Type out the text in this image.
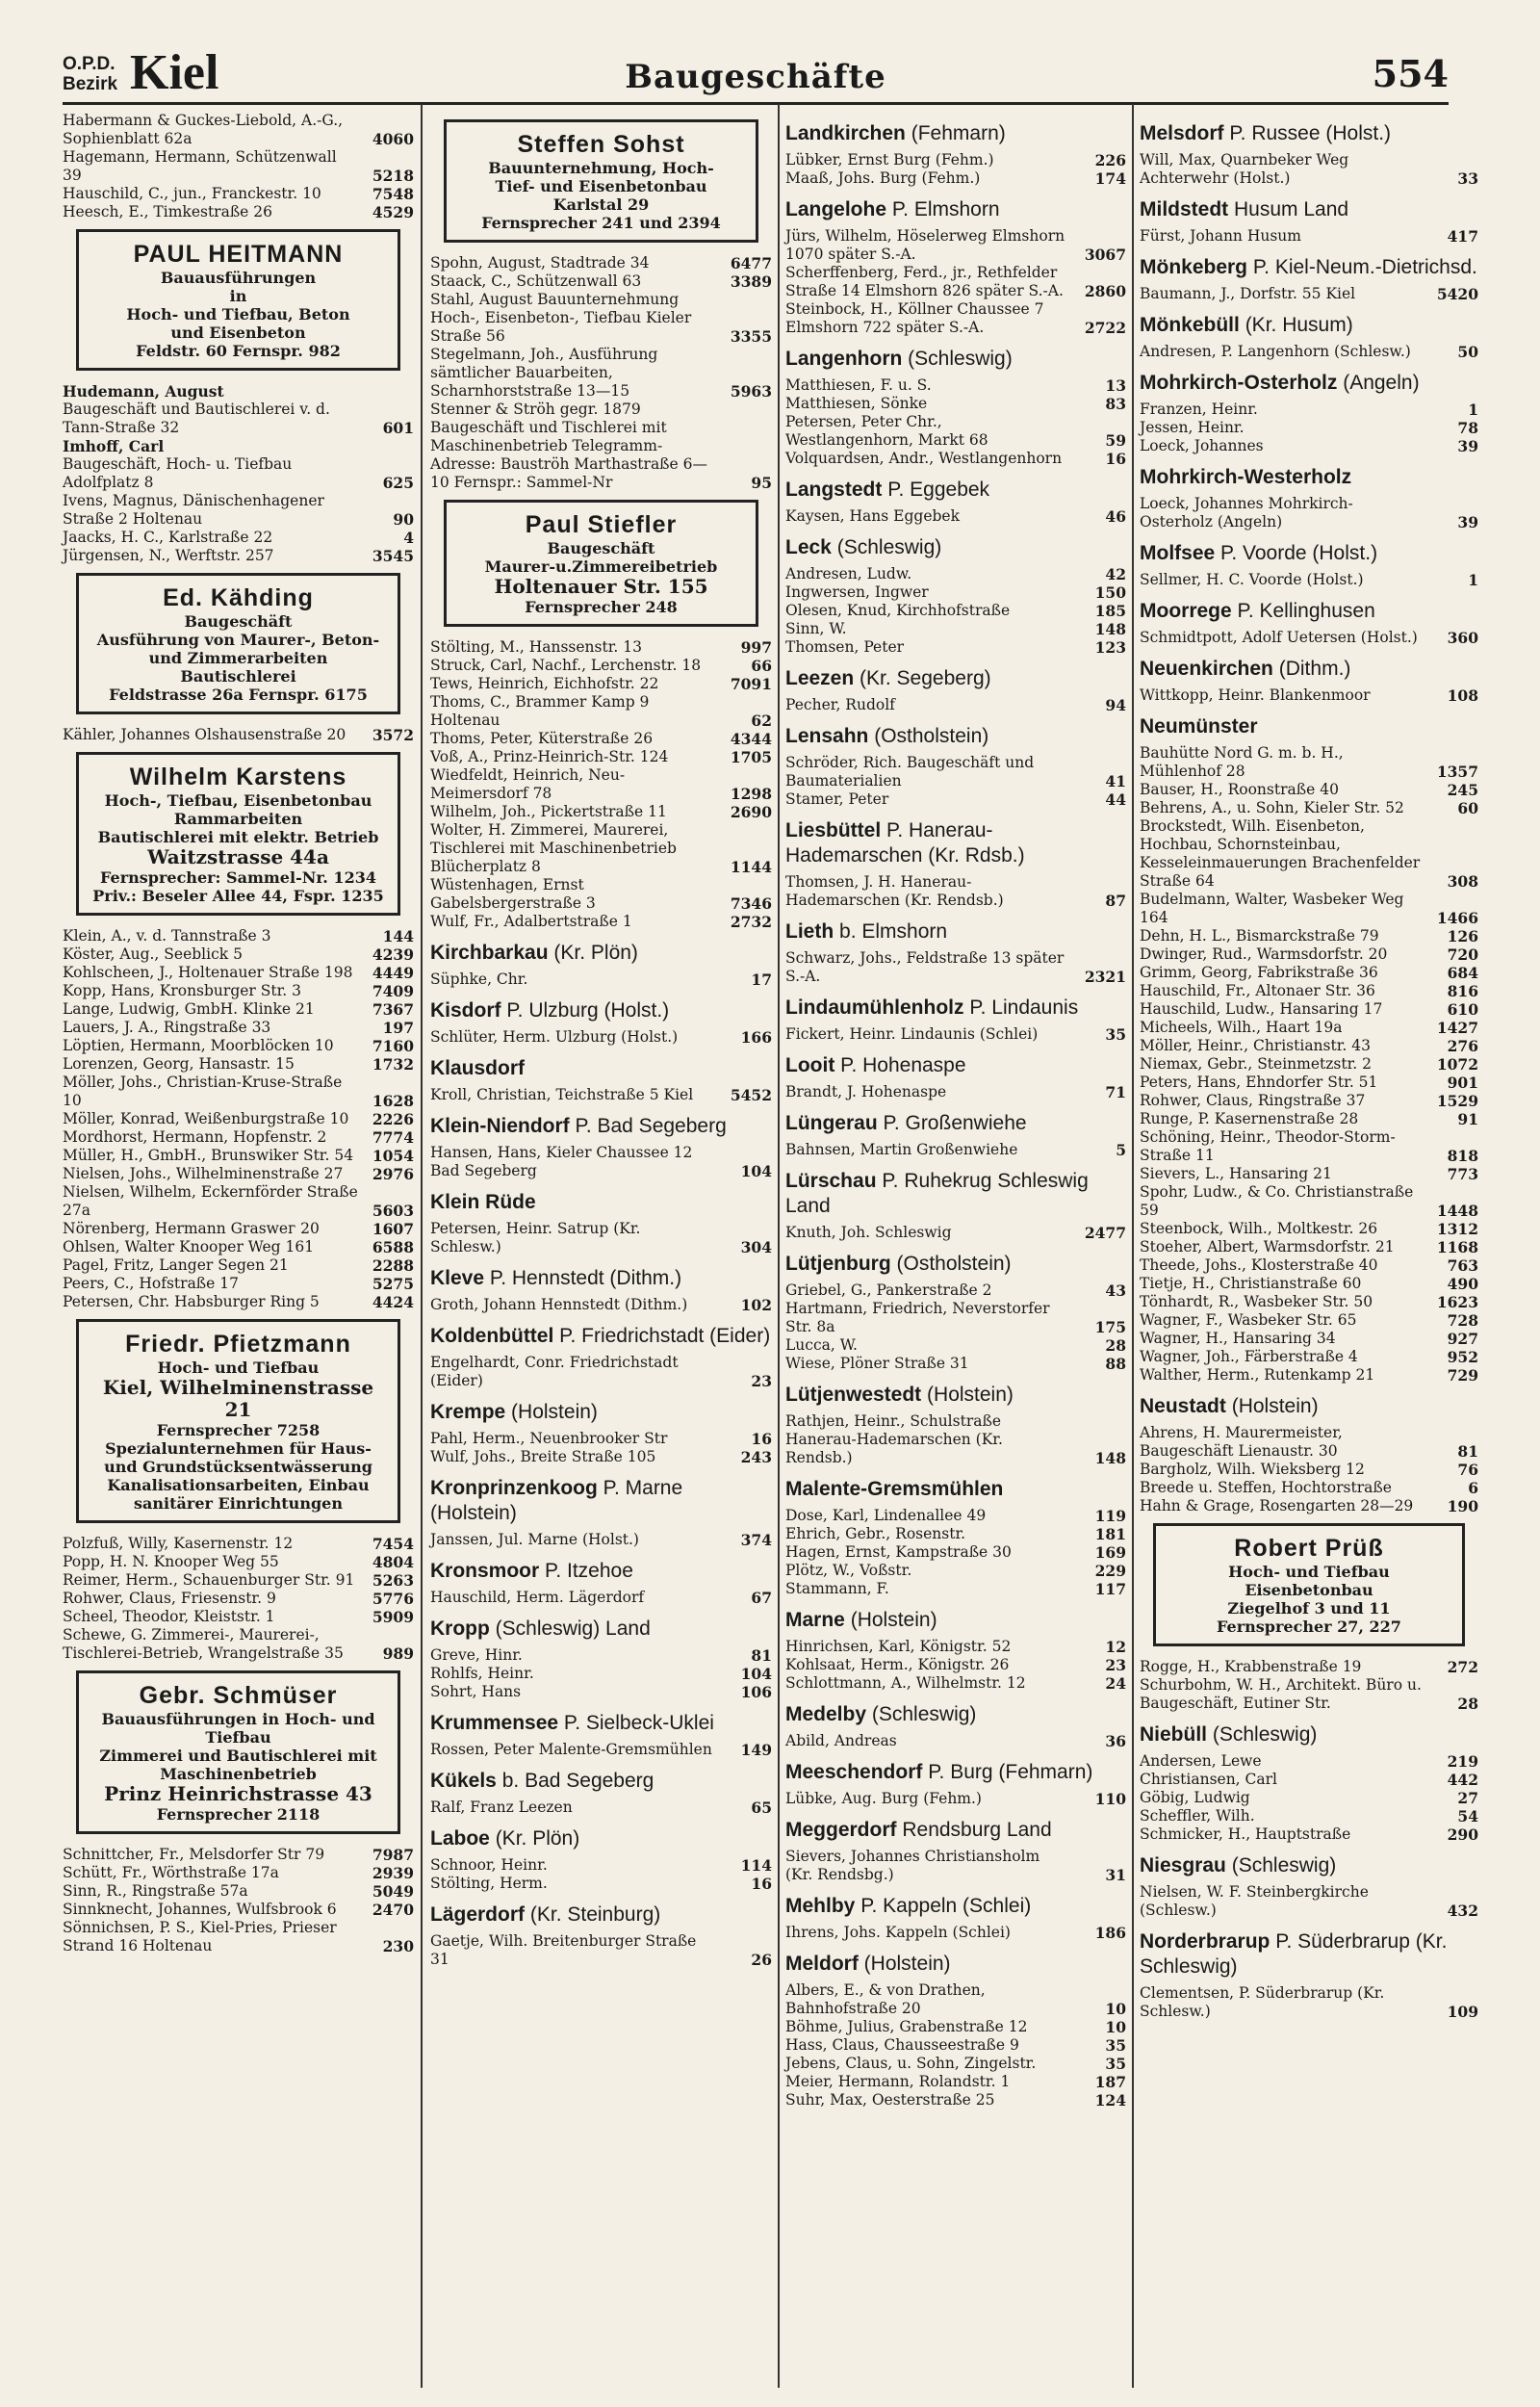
O.P.D.
Bezirk Kiel	Baugeschäfte	554
Habermann & Guckes-Liebold, A.-G., Sophienblatt 62a	4060
Hagemann, Hermann, Schützenwall 39	5218
Hauschild, C., jun., Franckestr. 10	7548
Heesch, E., Timkestraße 26	4529
PAUL HEITMANN
Bauausführungen
in
Hoch- und Tiefbau, Beton
und Eisenbeton
Feldstr. 60 Fernspr. 982
Hudemann, August
Baugeschäft und Bautischlerei v. d. Tann-Straße 32	601
Imhoff, Carl
Baugeschäft, Hoch- u. Tiefbau Adolfplatz 8	625
Ivens, Magnus, Dänischenhagener Straße 2 Holtenau	90
Jaacks, H. C., Karlstraße 22	4
Jürgensen, N., Werftstr. 257	3545
Ed. Kähding
Baugeschäft
Ausführung von Maurer-, Beton- und Zimmerarbeiten
Bautischlerei
Feldstrasse 26a Fernspr. 6175
Kähler, Johannes Olshausenstraße 20 3572
Wilhelm Karstens
Hoch-, Tiefbau, Eisenbetonbau
Rammarbeiten
Bautischlerei mit elektr. Betrieb
Waitzstrasse 44a
Fernsprecher: Sammel-Nr. 1234
Priv.: Beseler Allee 44, Fspr. 1235
Klein, A., v. d. Tannstraße 3	144
Köster, Aug., Seeblick 5	4239
Kohlscheen, J., Holtenauer Straße 198 4449
Kopp, Hans, Kronsburger Str. 3	7409
Lange, Ludwig, GmbH. Klinke 21	7367
Lauers, J. A., Ringstraße 33	197
Löptien, Hermann, Moorblöcken 10	7160
Lorenzen, Georg, Hansastr. 15	1732
Möller, Johs., Christian-Kruse-Straße 10	1628
Möller, Konrad, Weißenburgstraße 10 2226
Mordhorst, Hermann, Hopfenstr. 2	7774
Müller, H., GmbH., Brunswiker Str. 54 1054
Nielsen, Johs., Wilhelminenstraße 27 2976
Nielsen, Wilhelm, Eckernförder Straße 27a	5603
Nörenberg, Hermann Graswег 20	1607
Ohlsen, Walter Knooper Weg 161	6588
Pagel, Fritz, Langer Segen 21	2288
Peers, C., Hofstraße 17	5275
Petersen, Chr. Habsburger Ring 5	4424
Friedr. Pfietzmann
Hoch- und Tiefbau
Kiel, Wilhelminenstrasse 21
Fernsprecher 7258
Spezialunternehmen für Haus- und Grundstücksentwässerung
Kanalisationsarbeiten, Einbau sanitärer Einrichtungen
Polzfuß, Willy, Kasernenstr. 12	7454
Popp, H. N. Knooper Weg 55	4804
Reimer, Herm., Schauenburger Str. 91 5263
Rohwer, Claus, Friesenstr. 9	5776
Scheel, Theodor, Kleiststr. 1	5909
Schewe, G. Zimmerei-, Maurerei-, Tischlerei-Betrieb, Wrangelstraße 35	989
Gebr. Schmüser
Bauausführungen in Hoch- und Tiefbau
Zimmerei und Bautischlerei mit Maschinenbetrieb
Prinz Heinrichstrasse 43
Fernsprecher 2118
Schnittcher, Fr., Melsdorfer Str 79	7987
Schütt, Fr., Wörthstraße 17a	2939
Sinn, R., Ringstraße 57a	5049
Sinnknecht, Johannes, Wulfsbrook 6 2470
Sönnichsen, P. S., Kiel-Pries, Prieser Strand 16 Holtenau	230
Steffen Sohst
Bauunternehmung, Hoch-
Tief- und Eisenbetonbau
Karlstal 29
Fernsprecher 241 und 2394
Spohn, August, Stadtrade 34	6477
Staack, C., Schützenwall 63	3389
Stahl, August Bauunternehmung Hoch-, Eisenbeton-, Tiefbau Kieler Straße 56	3355
Stegelmann, Joh., Ausführung sämtlicher Bauarbeiten, Scharnhorststraße 13—15	5963
Stenner & Ströh gegr. 1879 Baugeschäft und Tischlerei mit Maschinenbetrieb Telegramm-Adresse: Bauströh Marthastraße 6—10 Fernspr.: Sammel-Nr	95
Paul Stiefler
Baugeschäft
Maurer-u.Zimmereibetrieb
Holtenauer Str. 155
Fernsprecher 248
Stölting, M., Hanssenstr. 13	997
Struck, Carl, Nachf., Lerchenstr. 18	66
Tews, Heinrich, Eichhofstr. 22	7091
Thoms, C., Brammer Kamp 9 Holtenau	62
Thoms, Peter, Küterstraße 26	4344
Voß, A., Prinz-Heinrich-Str. 124	1705
Wiedfeldt, Heinrich, Neu-Meimersdorf 78	1298
Wilhelm, Joh., Pickertstraße 11	2690
Wolter, H. Zimmerei, Maurerei, Tischlerei mit Maschinenbetrieb Blücherplatz 8	1144
Wüstenhagen, Ernst Gabelsbergerstraße 3	7346
Wulf, Fr., Adalbertstraße 1	2732
Kirchbarkau (Kr. Plön)
Süphke, Chr.	17
Kisdorf P. Ulzburg (Holst.)
Schlüter, Herm. Ulzburg (Holst.)	166
Klausdorf
Kroll, Christian, Teichstraße 5 Kiel 5452
Klein-Niendorf P. Bad Segeberg
Hansen, Hans, Kieler Chaussee 12 Bad Segeberg	104
Klein Rüde
Petersen, Heinr. Satrup (Kr. Schlesw.)	304
Kleve P. Hennstedt (Dithm.)
Groth, Johann Hennstedt (Dithm.)	102
Koldenbüttel P. Friedrichstadt (Eider)
Engelhardt, Conr. Friedrichstadt (Eider)	23
Krempe (Holstein)
Pahl, Herm., Neuenbrooker Str	16
Wulf, Johs., Breite Straße 105	243
Kronprinzenkoog P. Marne (Holstein)
Janssen, Jul. Marne (Holst.)	374
Kronsmoor P. Itzehoe
Hauschild, Herm. Lägerdorf	67
Kropp (Schleswig) Land
Greve, Hinr.	81
Rohlfs, Heinr.	104
Sohrt, Hans	106
Krummensee P. Sielbeck-Uklei
Rossen, Peter Malente-Gremsmühlen 149
Kükels b. Bad Segeberg
Ralf, Franz Leezen	65
Laboe (Kr. Plön)
Schnoor, Heinr.	114
Stölting, Herm.	16
Lägerdorf (Kr. Steinburg)
Gaetje, Wilh. Breitenburger Straße 31	26
Landkirchen (Fehmarn)
Lübker, Ernst Burg (Fehm.)	226
Maaß, Johs. Burg (Fehm.)	174
Langelohe P. Elmshorn
Jürs, Wilhelm, Höselerweg Elmshorn 1070 später S.-A.	3067
Scherffenberg, Ferd., jr., Rethfelder Straße 14 Elmshorn 826 später S.-A. 2860
Steinbock, H., Köllner Chaussee 7 Elmshorn 722 später S.-A.	2722
Langenhorn (Schleswig)
Matthiesen, F. u. S.	13
Matthiesen, Sönke	83
Petersen, Peter Chr., Westlangenhorn, Markt 68	59
Volquardsen, Andr., Westlangenhorn	16
Langstedt P. Eggebek
Kaysen, Hans Eggebek	46
Leck (Schleswig)
Andresen, Ludw.	42
Ingwersen, Ingwer	150
Olesen, Knud, Kirchhofstraße	185
Sinn, W.	148
Thomsen, Peter	123
Leezen (Kr. Segeberg)
Pecher, Rudolf	94
Lensahn (Ostholstein)
Schröder, Rich. Baugeschäft und Baumaterialien	41
Stamer, Peter	44
Liesbüttel P. Hanerau-Hademarschen (Kr. Rdsb.)
Thomsen, J. H. Hanerau-Hademarschen (Kr. Rendsb.)	87
Lieth b. Elmshorn
Schwarz, Johs., Feldstraße 13 später S.-A.	2321
Lindaumühlenholz P. Lindaunis
Fickert, Heinr. Lindaunis (Schlei)	35
Looit P. Hohenaspe
Brandt, J. Hohenaspe	71
Lüngerau P. Großenwiehe
Bahnsen, Martin Großenwiehe	5
Lürschau P. Ruhekrug Schleswig Land
Knuth, Joh. Schleswig	2477
Lütjenburg (Ostholstein)
Griebel, G., Pankerstraße 2	43
Hartmann, Friedrich, Neverstorfer Str. 8a	175
Lucca, W.	28
Wiese, Plöner Straße 31	88
Lütjenwestedt (Holstein)
Rathjen, Heinr., Schulstraße Hanerau-Hademarschen (Kr. Rendsb.)	148
Malente-Gremsmühlen
Dose, Karl, Lindenallee 49	119
Ehrich, Gebr., Rosenstr.	181
Hagen, Ernst, Kampstraße 30	169
Plötz, W., Voßstr.	229
Stammann, F.	117
Marne (Holstein)
Hinrichsen, Karl, Königstr. 52	12
Kohlsaat, Herm., Königstr. 26	23
Schlottmann, A., Wilhelmstr. 12	24
Medelby (Schleswig)
Abild, Andreas	36
Meeschendorf P. Burg (Fehmarn)
Lübke, Aug. Burg (Fehm.)	110
Meggerdorf Rendsburg Land
Sievers, Johannes Christiansholm (Kr. Rendsbg.)	31
Mehlby P. Kappeln (Schlei)
Ihrens, Johs. Kappeln (Schlei)	186
Meldorf (Holstein)
Albers, E., & von Drathen, Bahnhofstraße 20	10
Böhme, Julius, Grabenstraße 12	10
Hass, Claus, Chausseestraße 9	35
Jebens, Claus, u. Sohn, Zingelstr.	35
Meier, Hermann, Rolandstr. 1	187
Suhr, Max, Oesterstraße 25	124
Melsdorf P. Russee (Holst.)
Will, Max, Quarnbeker Weg Achterwehr (Holst.)	33
Mildstedt Husum Land
Fürst, Johann Husum	417
Mönkeberg P. Kiel-Neum.-Dietrichsd.
Baumann, J., Dorfstr. 55 Kiel	5420
Mönkebüll (Kr. Husum)
Andresen, P. Langenhorn (Schlesw.)	50
Mohrkirch-Osterholz (Angeln)
Franzen, Heinr.	1
Jessen, Heinr.	78
Loeck, Johannes	39
Mohrkirch-Westerholz
Loeck, Johannes Mohrkirch-Osterholz (Angeln)	39
Molfsee P. Voorde (Holst.)
Sellmer, H. C. Voorde (Holst.)	1
Moorrege P. Kellinghusen
Schmidtpott, Adolf Uetersen (Holst.) 360
Neuenkirchen (Dithm.)
Wittkopp, Heinr. Blankenmoor	108
Neumünster
Bauhütte Nord G. m. b. H., Mühlenhof 28	1357
Bauser, H., Roonstraße 40	245
Behrens, A., u. Sohn, Kieler Str. 52	60
Brockstedt, Wilh. Eisenbeton, Hochbau, Schornsteinbau, Kesseleinmauerungen Brachenfelder Straße 64	308
Budelmann, Walter, Wasbeker Weg 164	1466
Dehn, H. L., Bismarckstraße 79	126
Dwinger, Rud., Warmsdorfstr. 20	720
Grimm, Georg, Fabrikstraße 36	684
Hauschild, Fr., Altonaer Str. 36	816
Hauschild, Ludw., Hansaring 17	610
Micheels, Wilh., Haart 19a	1427
Möller, Heinr., Christianstr. 43	276
Niemax, Gebr., Steinmetzstr. 2	1072
Peters, Hans, Ehndorfer Str. 51	901
Rohwer, Claus, Ringstraße 37	1529
Runge, P. Kasernenstraße 28	91
Schöning, Heinr., Theodor-Storm-Straße 11	818
Sievers, L., Hansaring 21	773
Spohr, Ludw., & Co. Christianstraße 59	1448
Steenbock, Wilh., Moltkestr. 26	1312
Stoeher, Albert, Warmsdorfstr. 21	1168
Theede, Johs., Klosterstraße 40	763
Tietje, H., Christianstraße 60	490
Tönhardt, R., Wasbeker Str. 50	1623
Wagner, F., Wasbeker Str. 65	728
Wagner, H., Hansaring 34	927
Wagner, Joh., Färberstraße 4	952
Walther, Herm., Rutenkamp 21	729
Neustadt (Holstein)
Ahrens, H. Maurermeister, Baugeschäft Lienaustr. 30	81
Bargholz, Wilh. Wieksberg 12	76
Breede u. Steffen, Hochtorstraße	6
Hahn & Grage, Rosengarten 28—29 190
Robert Prüß
Hoch- und Tiefbau
Eisenbetonbau
Ziegelhof 3 und 11
Fernsprecher 27, 227
Rogge, H., Krabbenstraße 19	272
Schurbohm, W. H., Architekt. Büro u. Baugeschäft, Eutiner Str.	28
Niebüll (Schleswig)
Andersen, Lewe	219
Christiansen, Carl	442
Göbig, Ludwig	27
Scheffler, Wilh.	54
Schmicker, H., Hauptstraße	290
Niesgrau (Schleswig)
Nielsen, W. F. Steinbergkirche (Schlesw.)	432
Norderbrarup P. Süderbrarup (Kr. Schleswig)
Clementsen, P. Süderbrarup (Kr. Schlesw.)	109
